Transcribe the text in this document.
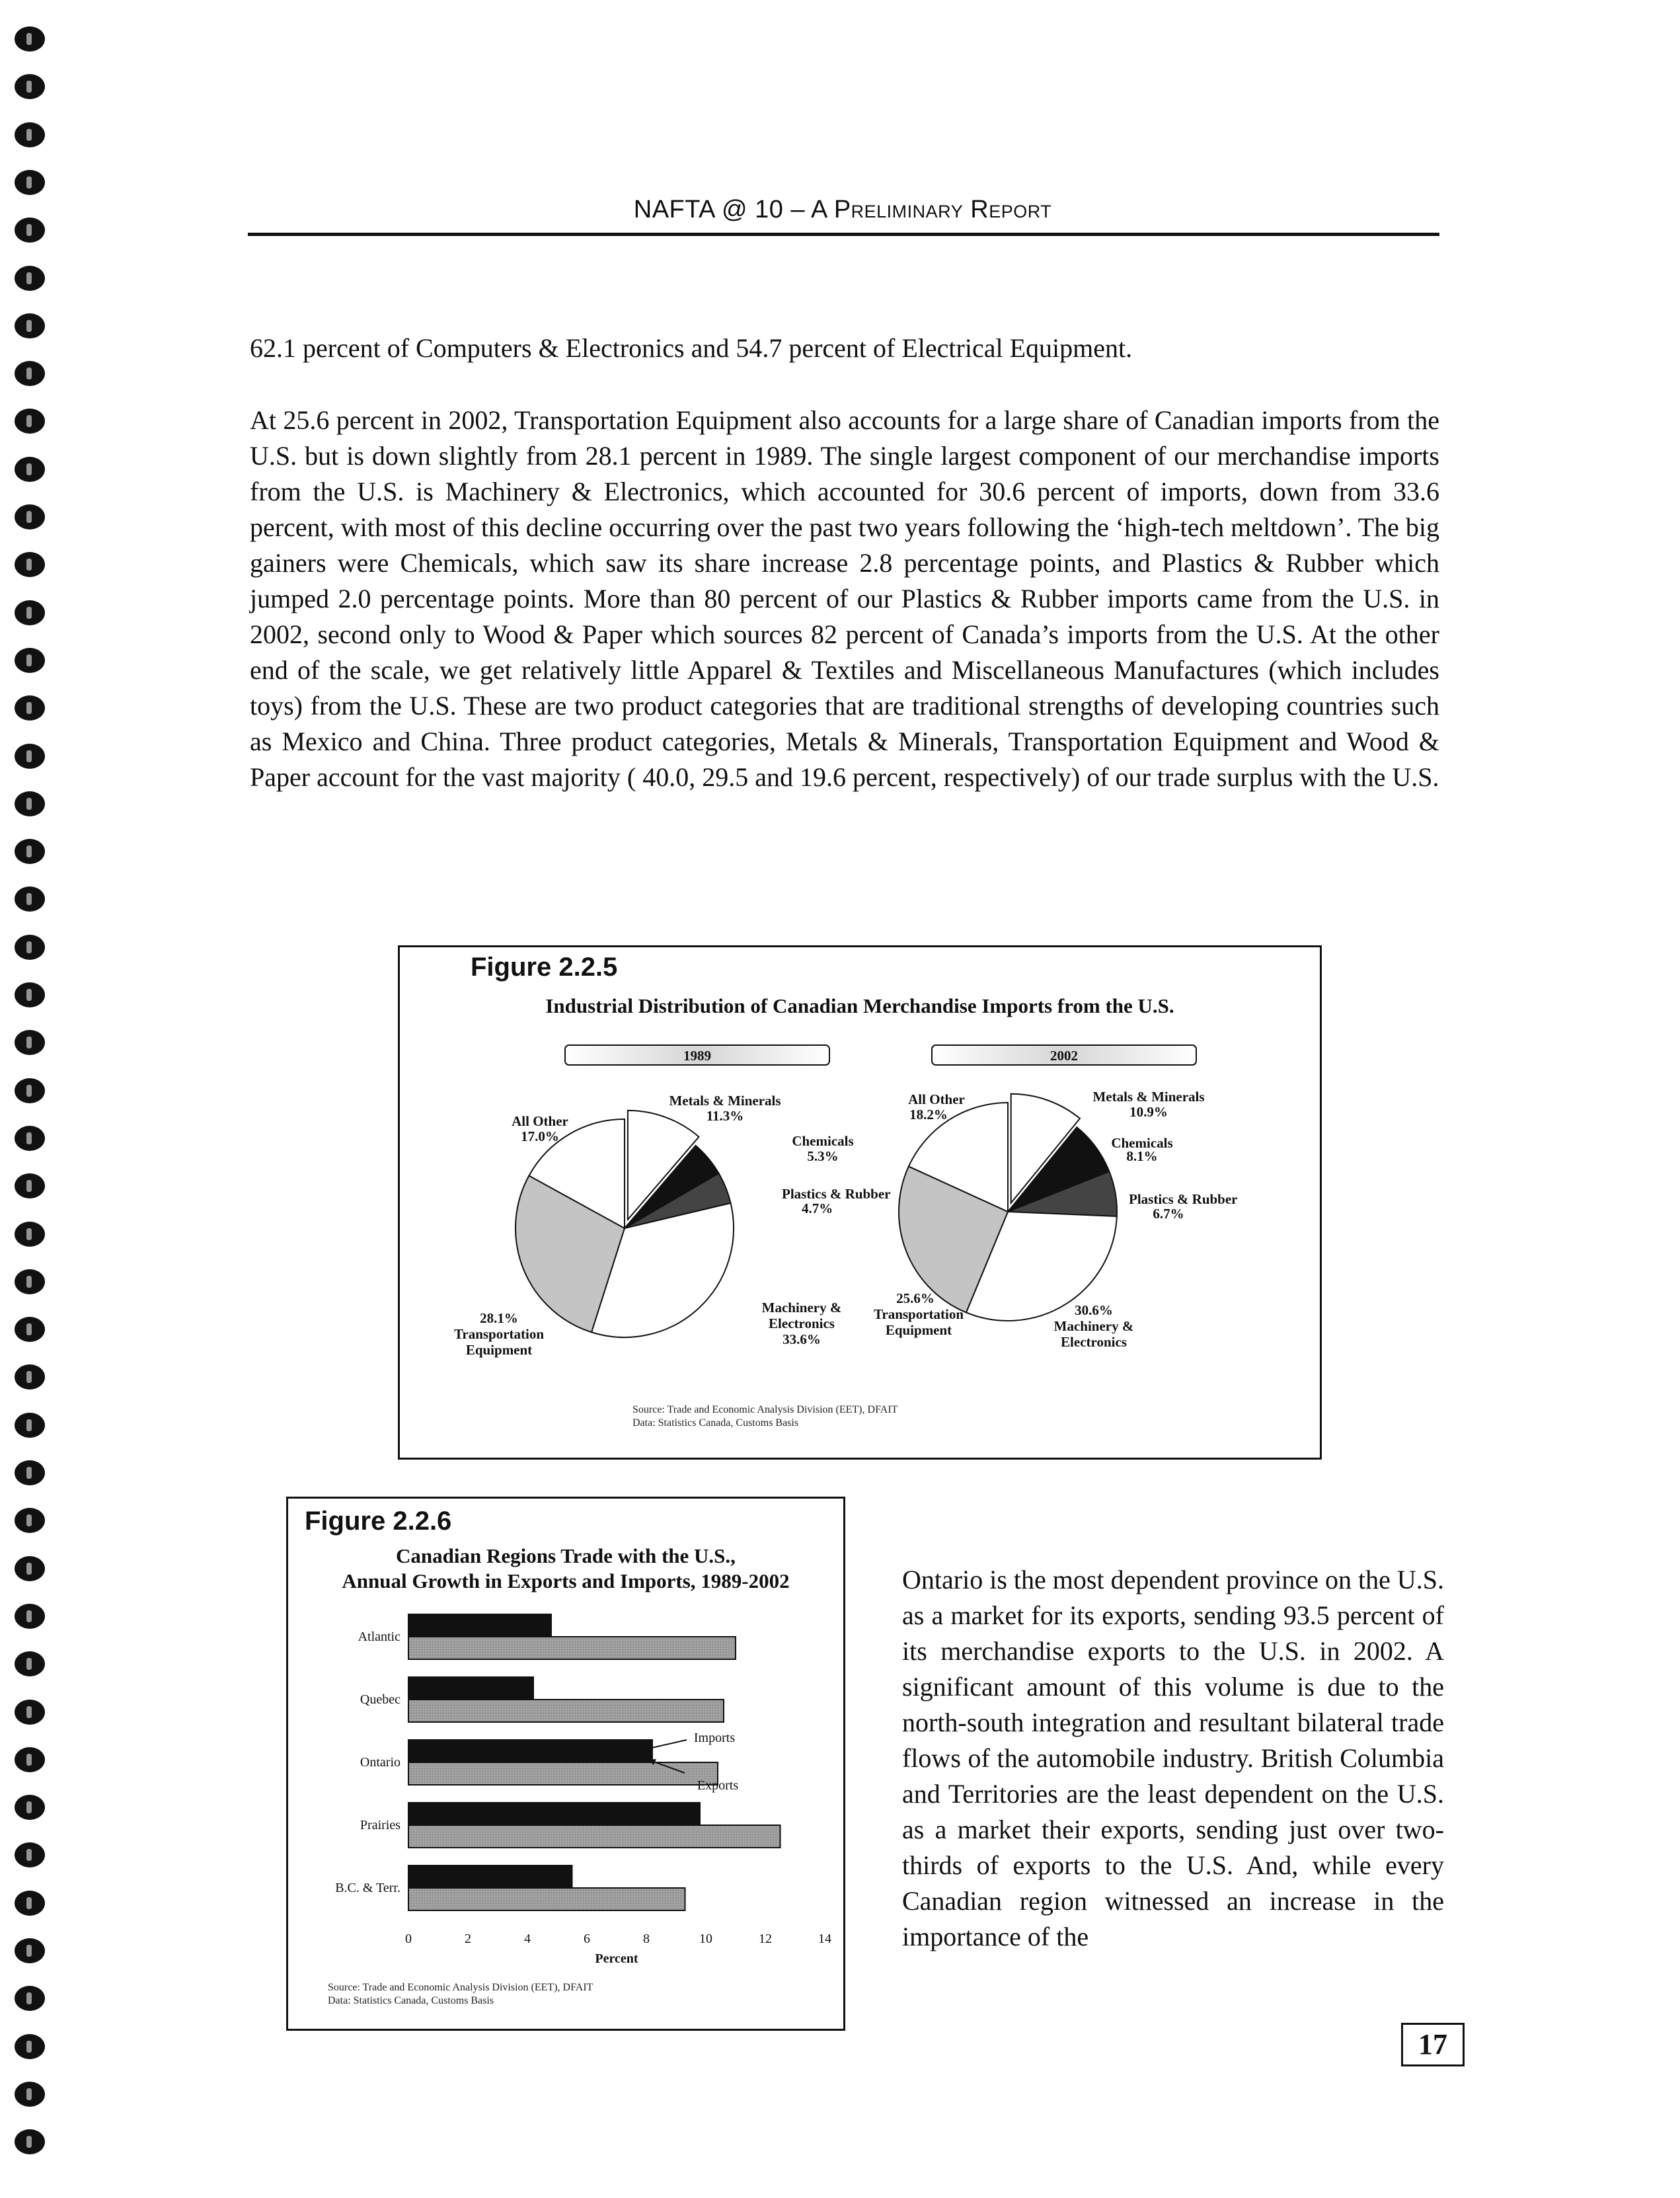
NAFTA @ 10 – A Preliminary Report
62.1 percent of Computers & Electronics and 54.7 percent of Electrical Equipment.
At 25.6 percent in 2002, Transportation Equipment also accounts for a large share of Canadian imports from the U.S. but is down slightly from 28.1 percent in 1989. The single largest component of our merchandise imports from the U.S. is Machinery & Electronics, which accounted for 30.6 percent of imports, down from 33.6 percent, with most of this decline occurring over the past two years following the ‘high-tech meltdown’. The big gainers were Chemicals, which saw its share increase 2.8 percentage points, and Plastics & Rubber which jumped 2.0 percentage points. More than 80 percent of our Plastics & Rubber imports came from the U.S. in 2002, second only to Wood & Paper which sources 82 percent of Canada’s imports from the U.S. At the other end of the scale, we get relatively little Apparel & Textiles and Miscellaneous Manufactures (which includes toys) from the U.S. These are two product categories that are traditional strengths of developing countries such as Mexico and China. Three product categories, Metals & Minerals, Transportation Equipment and Wood & Paper account for the vast majority ( 40.0, 29.5 and 19.6 percent, respectively) of our trade surplus with the U.S.
Figure 2.2.5
Industrial Distribution of Canadian Merchandise Imports from the U.S.
1989	2002
Metals & Minerals
11.3%
Chemicals
5.3%
Plastics & Rubber
4.7%
All Other
17.0%
28.1%
Transportation
Equipment
Machinery &
Electronics
33.6%
Metals & Minerals
10.9%
Chemicals
8.1%
Plastics & Rubber
6.7%
All Other
18.2%
25.6%
Transportation
Equipment
30.6%
Machinery &
Electronics
Source: Trade and Economic Analysis Division (EET), DFAIT
Data: Statistics Canada, Customs Basis
Figure 2.2.6
Canadian Regions Trade with the U.S.,
Annual Growth in Exports and Imports, 1989-2002
Atlantic
Quebec
Ontario
Prairies
B.C. & Terr.
0	2	4	6	8	10	12	14
Percent
Imports
Exports
Source: Trade and Economic Analysis Division (EET), DFAIT
Data: Statistics Canada, Customs Basis
Ontario is the most dependent province on the U.S. as a market for its exports, sending 93.5 percent of its merchandise exports to the U.S. in 2002. A significant amount of this volume is due to the north-south integration and resultant bilateral trade flows of the automobile industry. British Columbia and Territories are the least dependent on the U.S. as a market their exports, sending just over two-thirds of exports to the U.S. And, while every Canadian region witnessed an increase in the importance of the
17
